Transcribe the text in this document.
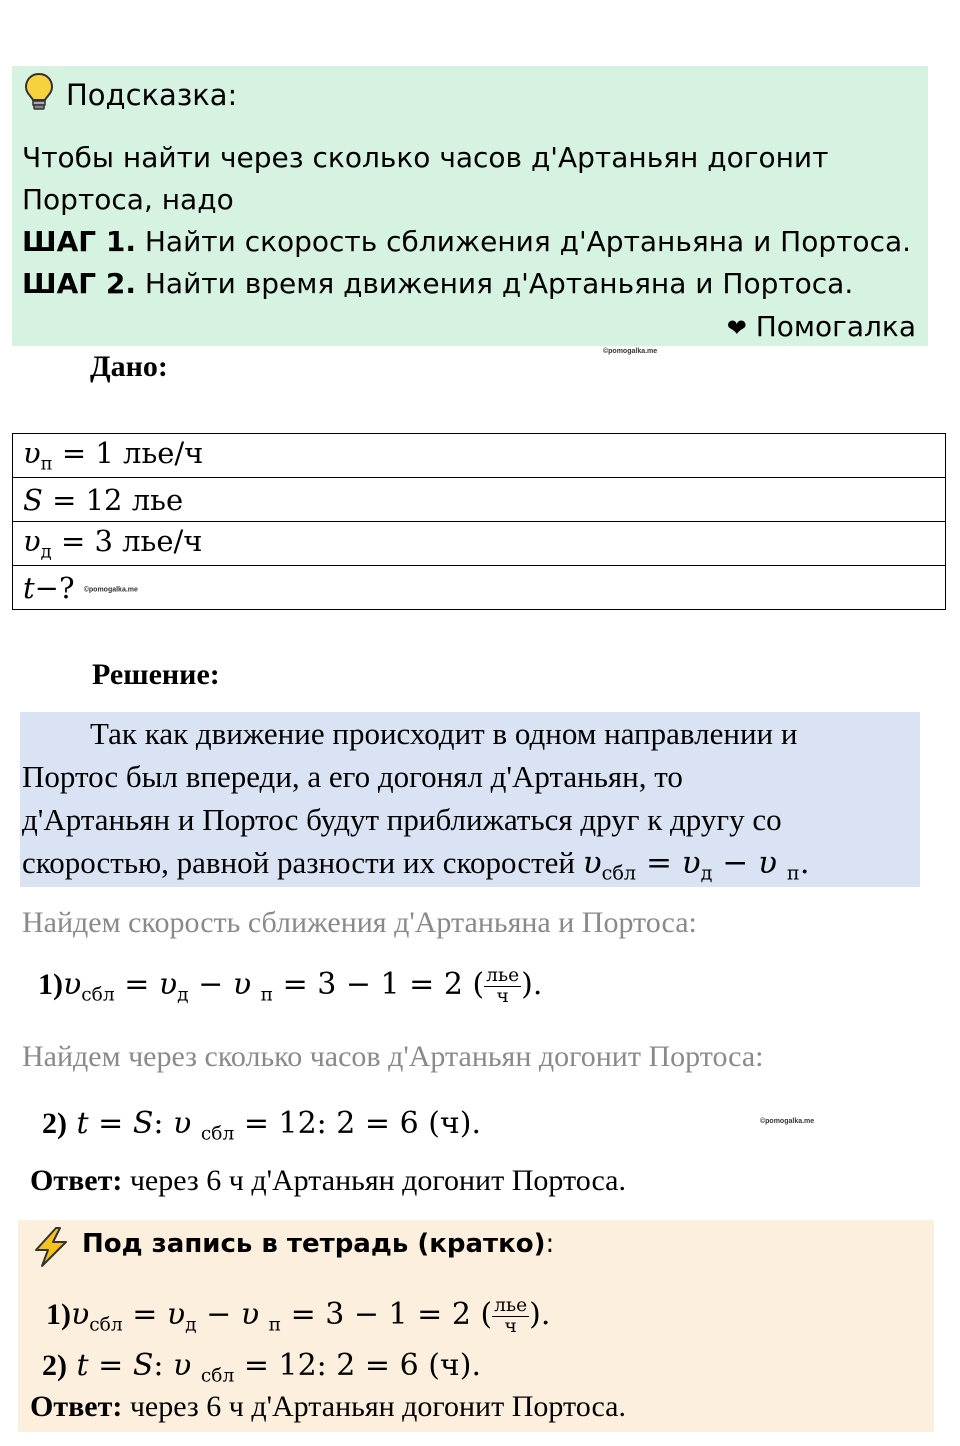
Подсказка:
Чтобы найти через сколько часов д'Артаньян догонит
Портоса, надо
ШАГ 1. Найти скорость сближения д'Артаньяна и Портоса.
ШАГ 2. Найти время движения д'Артаньяна и Портоса.
❤ Помогалка
Дано:	©pomogalka.me
$\upsilon_п = 1$ лье/ч
S = 12 лье
$\upsilon_д = 3$ лье/ч
t−? ©pomogalka.me
Решение:
Так как движение происходит в одном направлении и
Портос был впереди, а его догонял д'Артаньян, то
д'Артаньян и Портос будут приближаться друг к другу со
скоростью, равной разности их скоростей $\upsilon_{сбл} = \upsilon_д - \upsilon$ $_п$.
Найдем скорость сближения д'Артаньяна и Портоса:
$1)\upsilon_{сбл} = \upsilon_д - \upsilon$ $_п$ = 3 − 1 = 2 ( $\frac{\text{лье}}{ч}$ ).
Найдем через сколько часов д'Артаньян догонит Портоса:
2) t = S: υ $_{сбл}$ = 12: 2 = 6 (ч).	©pomogalka.me
Ответ: через 6 ч д'Артаньян догонит Портоса.
Под запись в тетрадь (кратко):
$1)\upsilon_{сбл} = \upsilon_д - \upsilon$ $_п$ = 3 − 1 = 2 ( $\frac{\text{лье}}{ч}$ ).
2) t = S: υ $_{сбл}$ = 12: 2 = 6 (ч).
Ответ: через 6 ч д'Артаньян догонит Портоса.
